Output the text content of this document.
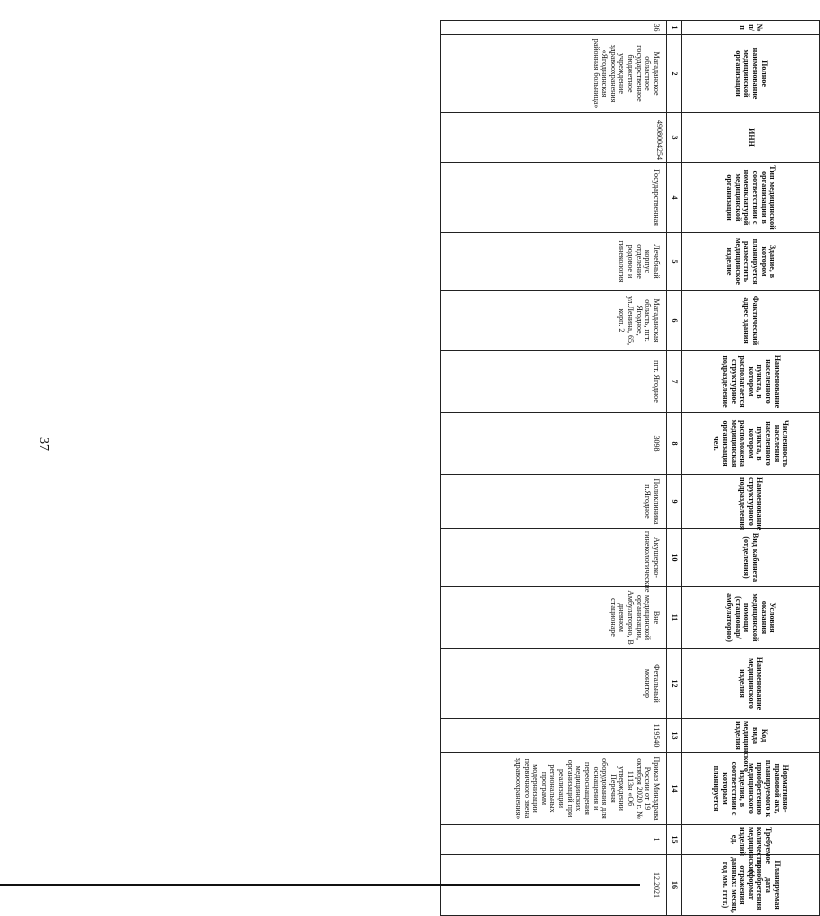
37
№ п/п	Полное наименование медицинской организации	ИНН	Тип медицинской организации в соответствии с номенклатурой медицинской организации	Здание, в котором планируется разместить медицинское изделие	Фактический адрес здания	Наименование населенного пункта, в котором располагается структурное подразделение	Численность населения населенного пункта, в котором расположена медицинская организация чел.	Наименование структурного подразделения	Вид кабинета (отделения)	Условия оказания медицинской помощи (стационар/амбулаторно)	Наименование медицинского изделия	Код вида медицинского изделия	Нормативно-правовой акт, планируемого к приобретению медицинского изделия, в соответствии с которым планируется	Требуемое количество медицинских изделий ед.	Планируемая дата приобретения (формат отражения данных: месяц, год мм. гггг.)
1	2	3	4	5	6	7	8	9	10	11	12	13	14	15	16
36	Магаданское областное государственное бюджетное учреждение здравоохранения «Ягоднинская районная больница»	4908004254	Государственная	Лечебный корпус отделение родовое и гинекология	Магаданская область, пгт. Ягодное, ул.Ленина, 65, корп. 2	пгт. Ягодное	3098	Поликлиника п.Ягодное	Акушерско-гинекологические	Вне медицинской организации, Амбулаторно, В дневном стационаре	Фетальный монитор	119540	Приказ Минздрава России от 19 октября 2020 г. № 1113н «Об утверждении Перечня оборудования для оснащения и переоснащения медицинских организаций при реализации региональных программ модернизации первичного звена здравоохранения»	1	12.2021
